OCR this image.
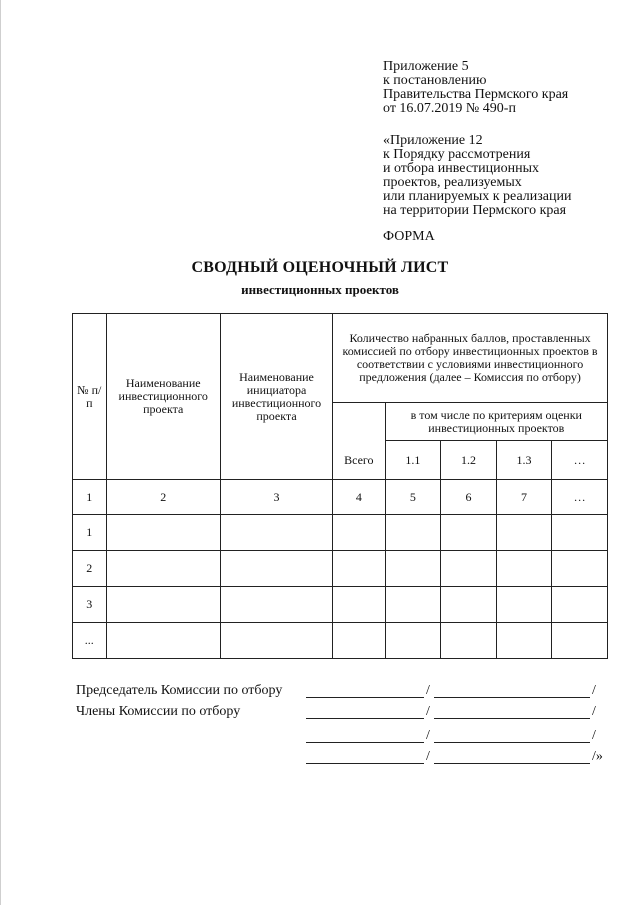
Приложение 5
к постановлению
Правительства Пермского края
от 16.07.2019 № 490-п
«Приложение 12
к Порядку рассмотрения
и отбора инвестиционных
проектов, реализуемых
или планируемых к реализации
на территории Пермского края
ФОРМА
СВОДНЫЙ ОЦЕНОЧНЫЙ ЛИСТ
инвестиционных проектов
№ п/п	Наименование инвестиционного проекта	Наименование инициатора инвестиционного проекта	Количество набранных баллов, проставленных комиссией по отбору инвестиционных проектов в соответствии с условиями инвестиционного предложения (далее – Комиссия по отбору)				
			Всего	в том числе по критериям оценки инвестиционных проектов			
				1.1	1.2	1.3	…
1	2	3	4	5	6	7	…
1							
2							
3							
...							
Председатель Комиссии по отбору	/	/
Члены Комиссии по отбору	/	/
/	/
/	/»
